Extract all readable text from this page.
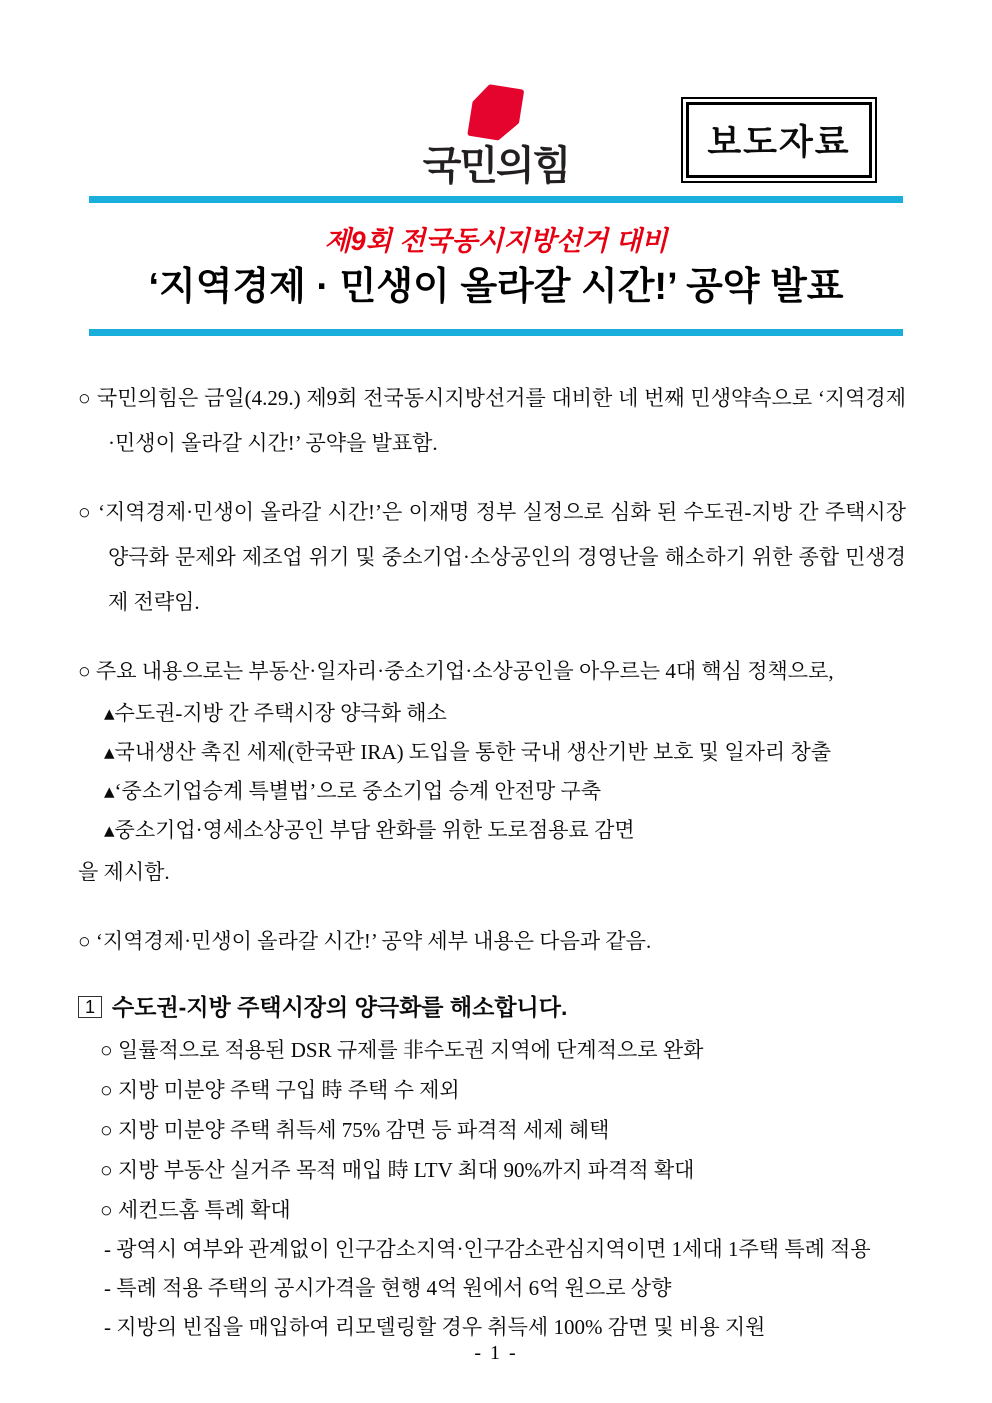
국민의힘
보도자료
제9회 전국동시지방선거 대비
‘지역경제 · 민생이 올라갈 시간!’ 공약 발표

○ 국민의힘은 금일(4.29.) 제9회 전국동시지방선거를 대비한 네 번째 민생약속으로 ‘지역경제·민생이 올라갈 시간!’ 공약을 발표함.

○ ‘지역경제·민생이 올라갈 시간!’은 이재명 정부 실정으로 심화 된 수도권-지방 간 주택시장 양극화 문제와 제조업 위기 및 중소기업·소상공인의 경영난을 해소하기 위한 종합 민생경제 전략임.

○ 주요 내용으로는 부동산·일자리·중소기업·소상공인을 아우르는 4대 핵심 정책으로,

▴수도권-지방 간 주택시장 양극화 해소
▴국내생산 촉진 세제(한국판 IRA) 도입을 통한 국내 생산기반 보호 및 일자리 창출
▴‘중소기업승계 특별법’으로 중소기업 승계 안전망 구축
▴중소기업·영세소상공인 부담 완화를 위한 도로점용료 감면

을 제시함.

○ ‘지역경제·민생이 올라갈 시간!’ 공약 세부 내용은 다음과 같음.

1 수도권-지방 주택시장의 양극화를 해소합니다.
○ 일률적으로 적용된 DSR 규제를 非수도권 지역에 단계적으로 완화
○ 지방 미분양 주택 구입 時 주택 수 제외
○ 지방 미분양 주택 취득세 75% 감면 등 파격적 세제 혜택
○ 지방 부동산 실거주 목적 매입 時 LTV 최대 90%까지 파격적 확대
○ 세컨드홈 특례 확대
- 광역시 여부와 관계없이 인구감소지역·인구감소관심지역이면 1세대 1주택 특례 적용
- 특례 적용 주택의 공시가격을 현행 4억 원에서 6억 원으로 상향
- 지방의 빈집을 매입하여 리모델링할 경우 취득세 100% 감면 및 비용 지원
- 1 -
